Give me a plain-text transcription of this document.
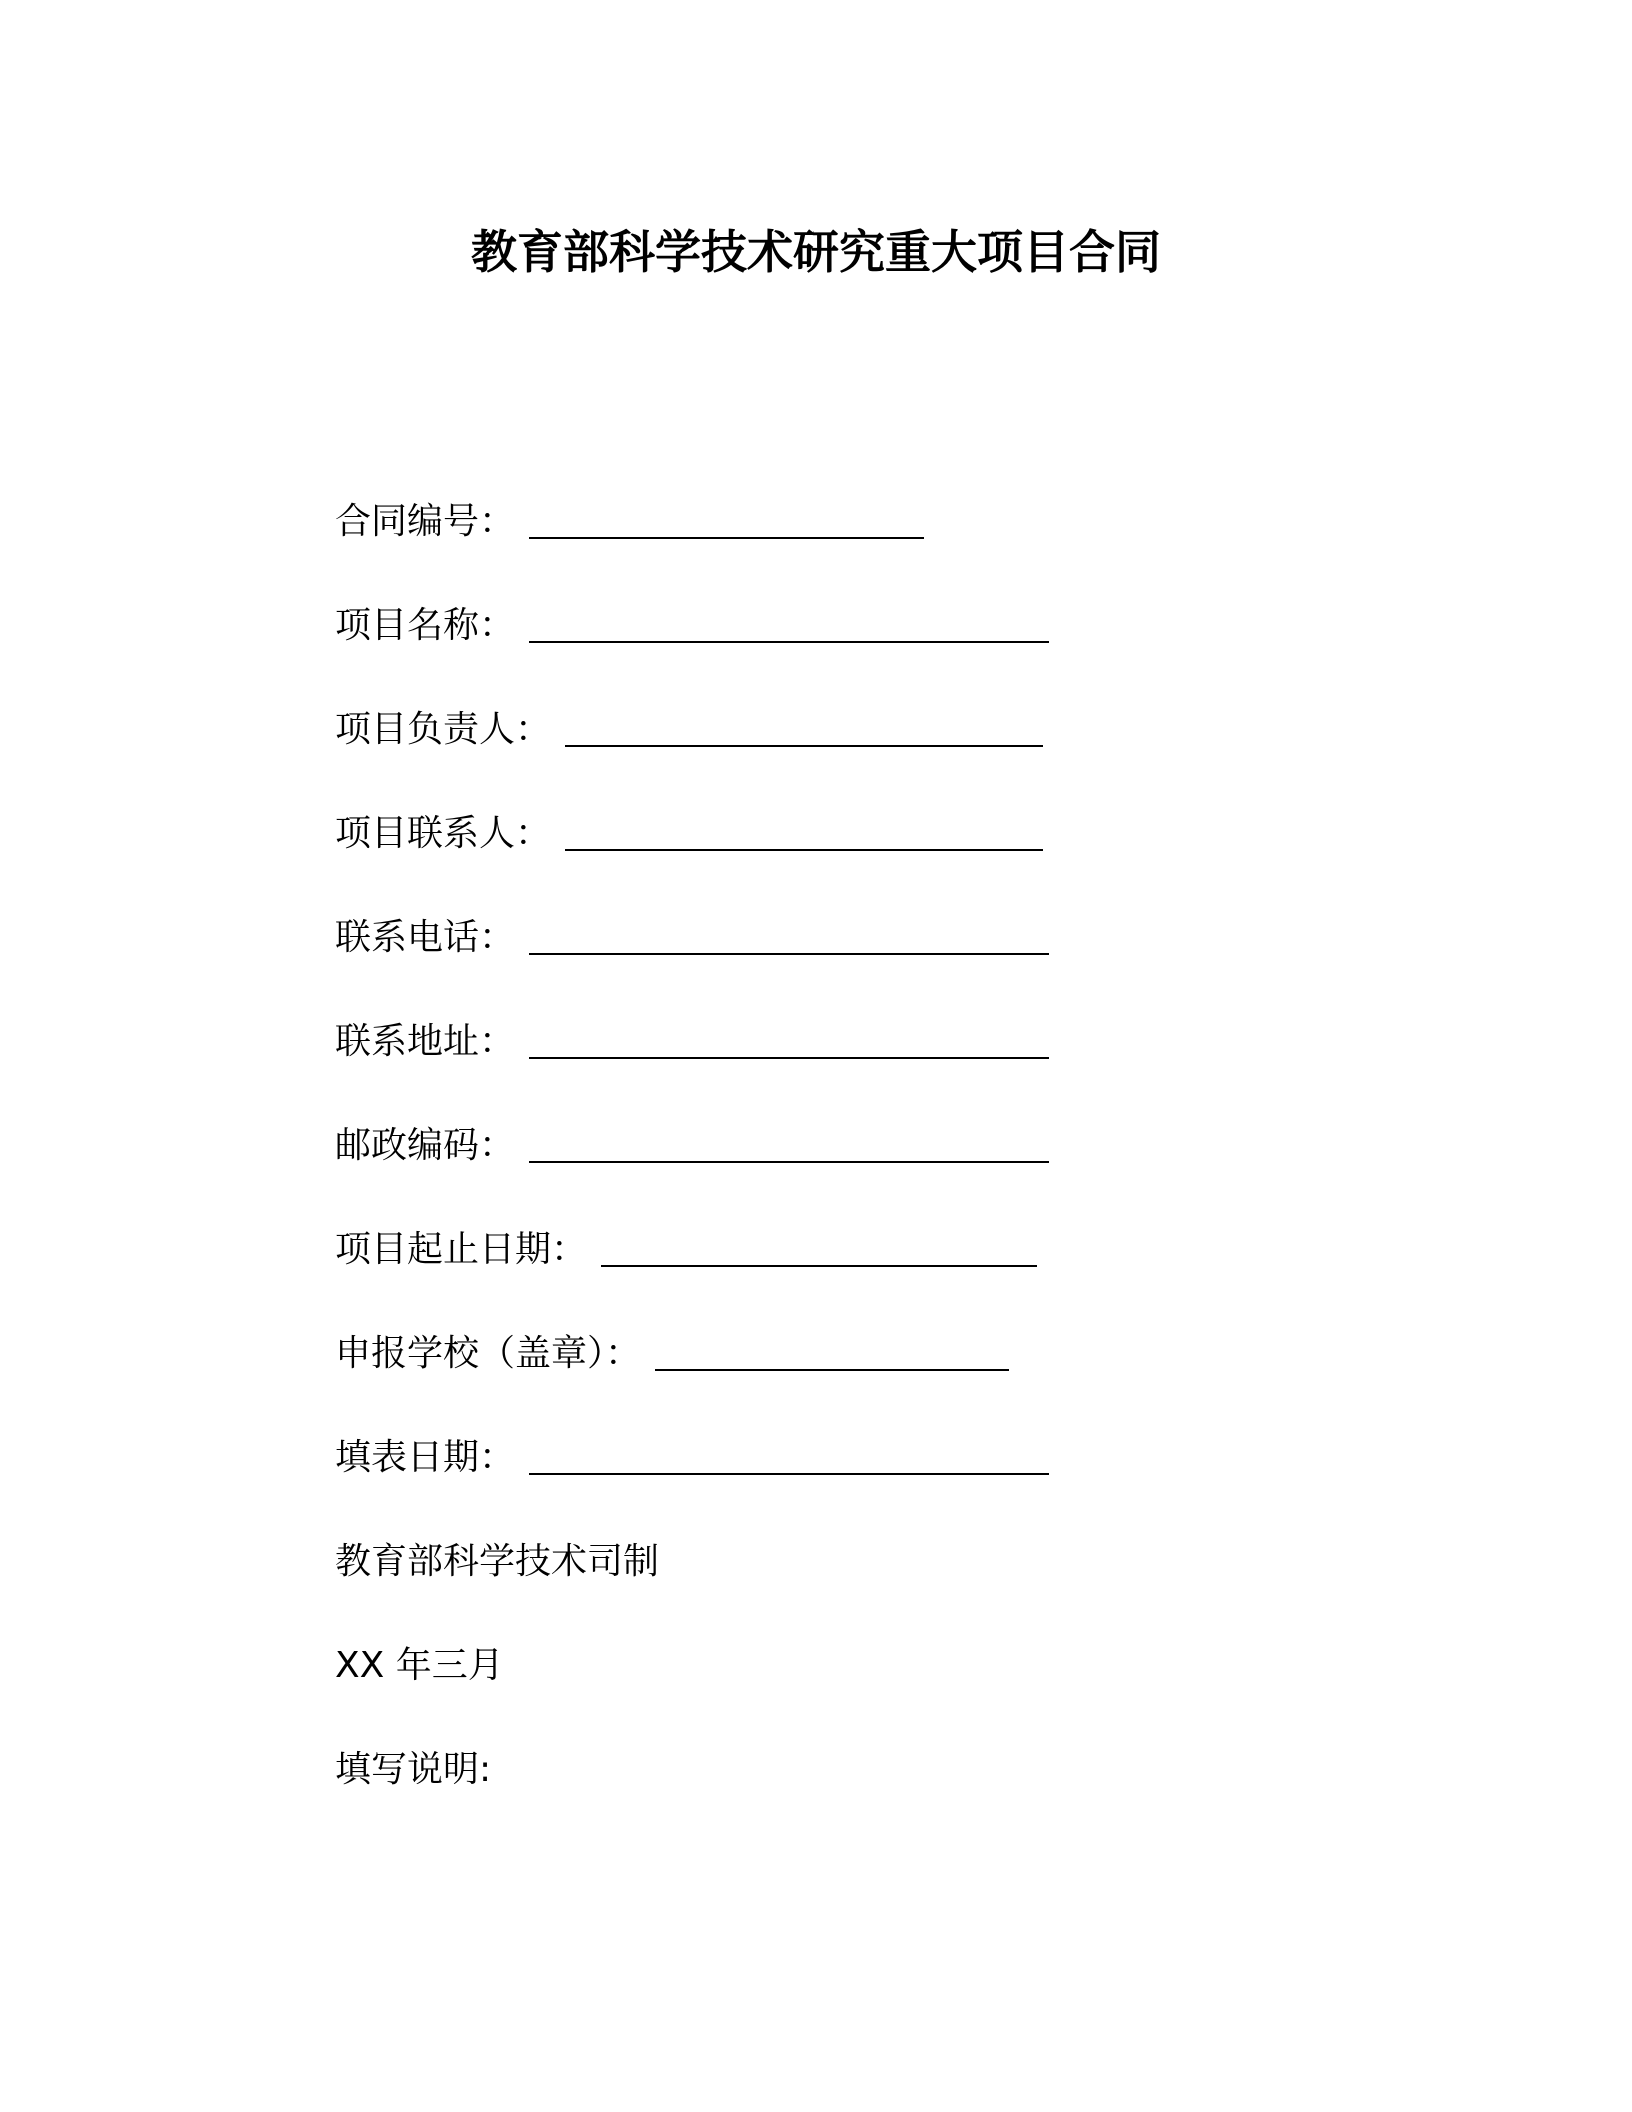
教育部科学技术研究重大项目合同
合同编号：
项目名称：
项目负责人：
项目联系人：
联系电话：
联系地址：
邮政编码：
项目起止日期：
申报学校（盖章）：
填表日期：
教育部科学技术司制
XX 年三月
填写说明:
